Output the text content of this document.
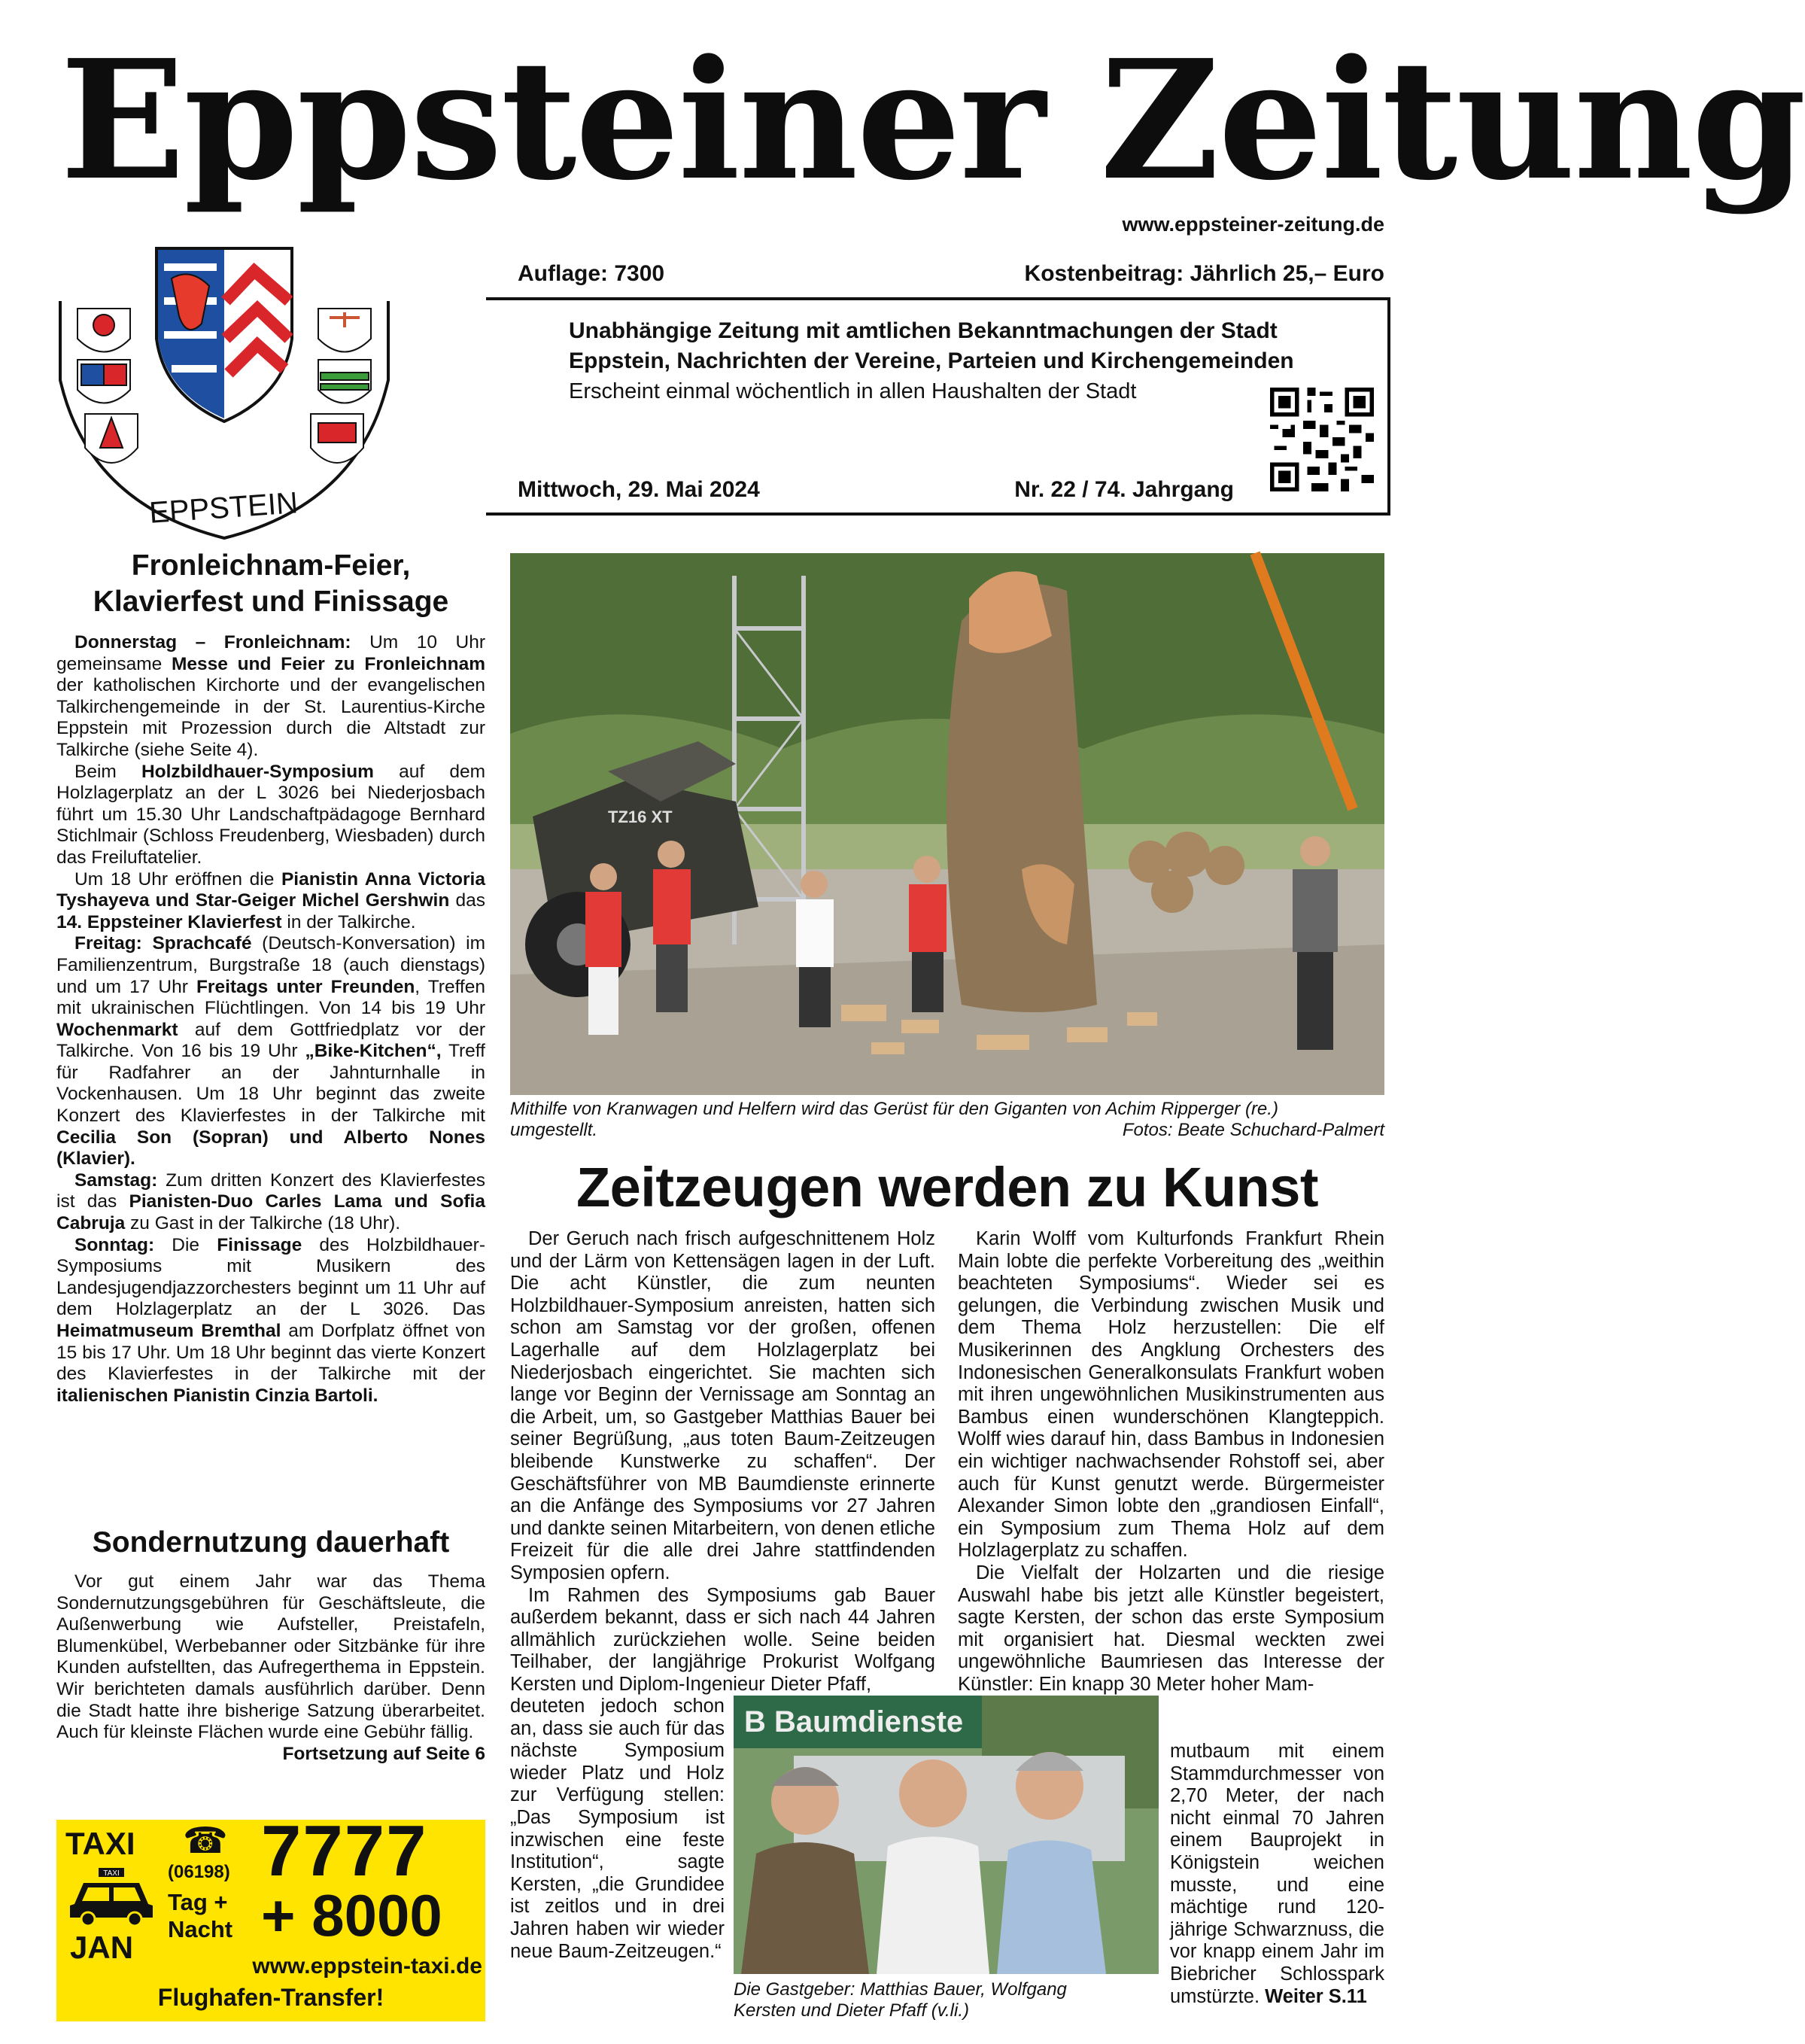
Eppsteiner Zeitung
www.eppsteiner-zeitung.de
EPPSTEIN
Auflage: 7300	Kostenbeitrag: Jährlich 25,– Euro
Unabhängige Zeitung mit amtlichen Bekanntmachungen der Stadt Eppstein, Nachrichten der Vereine, Parteien und Kirchengemeinden
Erscheint einmal wöchentlich in allen Haushalten der Stadt
Mittwoch, 29. Mai 2024	Nr. 22 / 74. Jahrgang
Fronleichnam-Feier,
Klavierfest und Finissage

Donnerstag – Fronleichnam: Um 10 Uhr gemeinsame Messe und Feier zu Fronleichnam der katholischen Kirchorte und der evangelischen Talkirchengemeinde in der St. Laurentius-Kirche Eppstein mit Prozession durch die Altstadt zur Talkirche (siehe Seite 4).

Beim Holzbildhauer-Symposium auf dem Holzlagerplatz an der L 3026 bei Niederjosbach führt um 15.30 Uhr Landschaftpädagoge Bernhard Stichlmair (Schloss Freudenberg, Wiesbaden) durch das Freiluftatelier.

Um 18 Uhr eröffnen die Pianistin Anna Victoria Tyshayeva und Star-Geiger Michel Gershwin das 14. Eppsteiner Klavierfest in der Talkirche.

Freitag: Sprachcafé (Deutsch-Konversation) im Familienzentrum, Burgstraße 18 (auch dienstags) und um 17 Uhr Freitags unter Freunden, Treffen mit ukrainischen Flüchtlingen. Von 14 bis 19 Uhr Wochenmarkt auf dem Gottfriedplatz vor der Talkirche. Von 16 bis 19 Uhr „Bike-Kitchen“, Treff für Radfahrer an der Jahnturnhalle in Vockenhausen. Um 18 Uhr beginnt das zweite Konzert des Klavierfestes in der Talkirche mit Cecilia Son (Sopran) und Alberto Nones (Klavier).

Samstag: Zum dritten Konzert des Klavierfestes ist das Pianisten-Duo Carles Lama und Sofia Cabruja zu Gast in der Talkirche (18 Uhr).

Sonntag: Die Finissage des Holzbildhauer-Symposiums mit Musikern des Landesjugendjazzorchesters beginnt um 11 Uhr auf dem Holzlagerplatz an der L 3026. Das Heimatmuseum Bremthal am Dorfplatz öffnet von 15 bis 17 Uhr. Um 18 Uhr beginnt das vierte Konzert des Klavierfestes in der Talkirche mit der italienischen Pianistin Cinzia Bartoli.

Sondernutzung dauerhaft

Vor gut einem Jahr war das Thema Sondernutzungsgebühren für Geschäftsleute, die Außenwerbung wie Aufsteller, Preistafeln, Blumenkübel, Werbebanner oder Sitzbänke für ihre Kunden aufstellten, das Aufregerthema in Eppstein. Wir berichteten damals ausführlich darüber. Denn die Stadt hatte ihre bisherige Satzung überarbeitet. Auch für kleinste Flächen wurde eine Gebühr fällig.

Fortsetzung auf Seite 6
TAXI
TAXI
JAN
☎
(06198)
Tag +
Nacht
7777
+ 8000
www.eppstein-taxi.de
Flughafen-Transfer!
TZ16 XT
Mithilfe von Kranwagen und Helfern wird das Gerüst für den Giganten von Achim Ripperger (re.)
umgestellt.	Fotos: Beate Schuchard-Palmert
Zeitzeugen werden zu Kunst

Der Geruch nach frisch aufgeschnittenem Holz und der Lärm von Kettensägen lagen in der Luft. Die acht Künstler, die zum neunten Holzbildhauer-Symposium anreisten, hatten sich schon am Samstag vor der großen, offenen Lagerhalle auf dem Holzlagerplatz bei Niederjosbach eingerichtet. Sie machten sich lange vor Beginn der Vernissage am Sonntag an die Arbeit, um, so Gastgeber Matthias Bauer bei seiner Begrüßung, „aus toten Baum-Zeitzeugen bleibende Kunstwerke zu schaffen“. Der Geschäftsführer von MB Baumdienste erinnerte an die Anfänge des Symposiums vor 27 Jahren und dankte seinen Mitarbeitern, von denen etliche Freizeit für die alle drei Jahre stattfindenden Symposien opfern.

Im Rahmen des Symposiums gab Bauer außerdem bekannt, dass er sich nach 44 Jahren allmählich zurückziehen wolle. Seine beiden Teilhaber, der langjährige Prokurist Wolfgang Kersten und Diplom-Ingenieur Dieter Pfaff,

deuteten jedoch schon an, dass sie auch für das nächste Symposium wieder Platz und Holz zur Verfügung stellen: „Das Symposium ist inzwischen eine feste Institution“, sagte Kersten, „die Grundidee ist zeitlos und in drei Jahren haben wir wieder neue Baum-Zeitzeugen.“

B Baumdienste
Die Gastgeber: Matthias Bauer, Wolfgang
Kersten und Dieter Pfaff (v.li.)

Karin Wolff vom Kulturfonds Frankfurt Rhein Main lobte die perfekte Vorbereitung des „weithin beachteten Symposiums“. Wieder sei es gelungen, die Verbindung zwischen Musik und dem Thema Holz herzustellen: Die elf Musikerinnen des Angklung Orchesters des Indonesischen Generalkonsulats Frankfurt woben mit ihren ungewöhnlichen Musikinstrumenten aus Bambus einen wunderschönen Klangteppich. Wolff wies darauf hin, dass Bambus in Indonesien ein wichtiger nachwachsender Rohstoff sei, aber auch für Kunst genutzt werde. Bürgermeister Alexander Simon lobte den „grandiosen Einfall“, ein Symposium zum Thema Holz auf dem Holzlagerplatz zu schaffen.

Die Vielfalt der Holzarten und die riesige Auswahl habe bis jetzt alle Künstler begeistert, sagte Kersten, der schon das erste Symposium mit organisiert hat. Diesmal weckten zwei ungewöhnliche Baumriesen das Interesse der Künstler: Ein knapp 30 Meter hoher Mam-

mutbaum mit einem Stammdurchmesser von 2,70 Meter, der nach nicht einmal 70 Jahren einem Bauprojekt in Königstein weichen musste, und eine mächtige rund 120-jährige Schwarznuss, die vor knapp einem Jahr im Biebricher Schlosspark umstürzte. Weiter S.11
